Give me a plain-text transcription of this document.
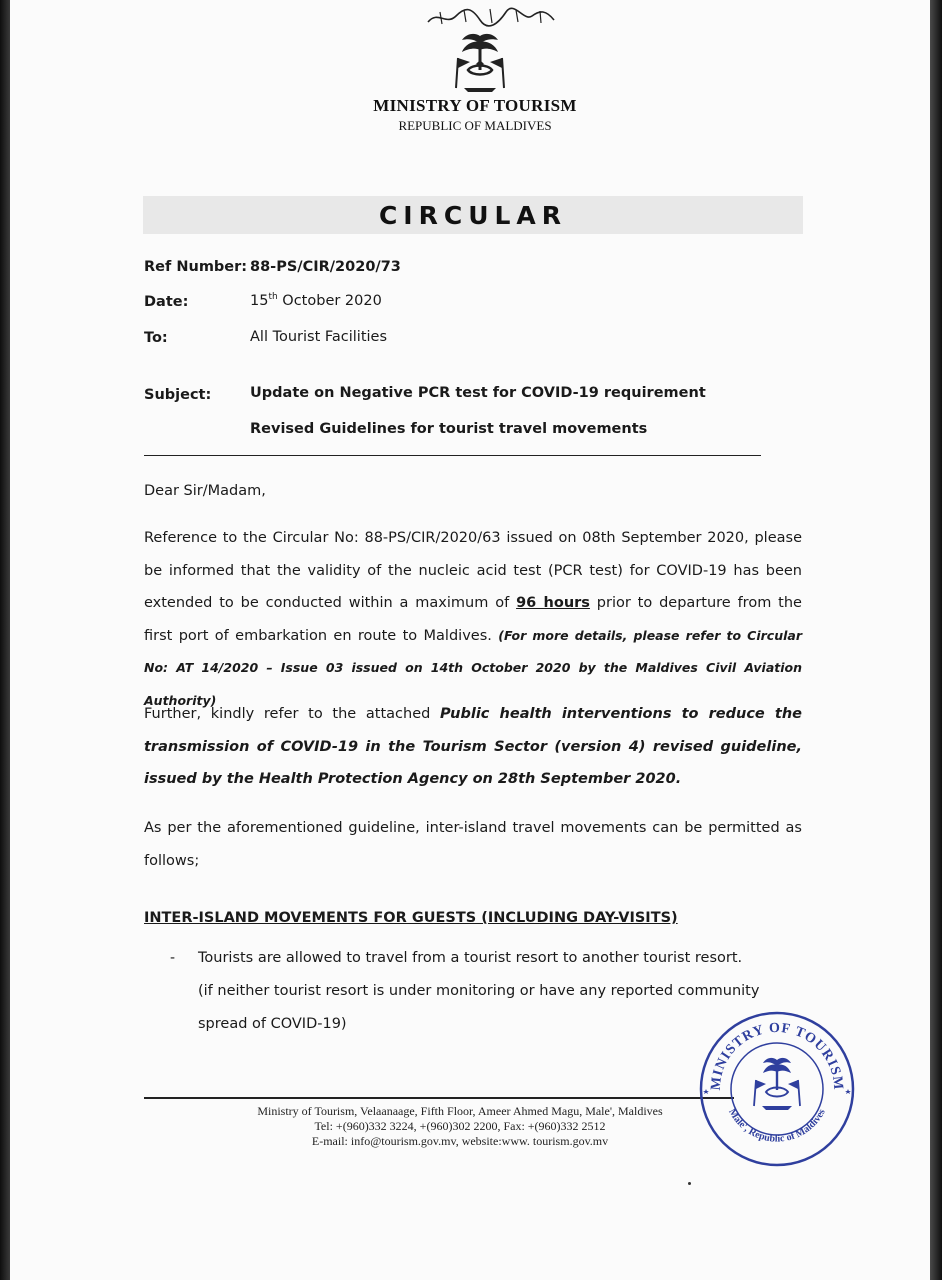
MINISTRY OF TOURISM
REPUBLIC OF MALDIVES
CIRCULAR
Ref Number: 88-PS/CIR/2020/73
Date:	15th October 2020
To:	All Tourist Facilities
Subject:	Update on Negative PCR test for COVID-19 requirement
Revised Guidelines for tourist travel movements
Dear Sir/Madam,
Reference to the Circular No: 88-PS/CIR/2020/63 issued on 08th September 2020, please be informed that the validity of the nucleic acid test (PCR test) for COVID-19 has been extended to be conducted within a maximum of 96 hours prior to departure from the first port of embarkation en route to Maldives. (For more details, please refer to Circular No: AT 14/2020 – Issue 03 issued on 14th October 2020 by the Maldives Civil Aviation Authority)
Further, kindly refer to the attached Public health interventions to reduce the transmission of COVID-19 in the Tourism Sector (version 4) revised guideline, issued by the Health Protection Agency on 28th September 2020.
As per the aforementioned guideline, inter-island travel movements can be permitted as follows;
INTER-ISLAND MOVEMENTS FOR GUESTS (INCLUDING DAY-VISITS)
- Tourists are allowed to travel from a tourist resort to another tourist resort.
(if neither tourist resort is under monitoring or have any reported community spread of COVID-19)
Ministry of Tourism, Velaanaage, Fifth Floor, Ameer Ahmed Magu, Male', Maldives
Tel: +(960)332 3224, +(960)302 2200, Fax: +(960)332 2512
E-mail: info@tourism.gov.mv, website:www. tourism.gov.mv
MINISTRY OF TOURISM
Male', Republic of Maldives
